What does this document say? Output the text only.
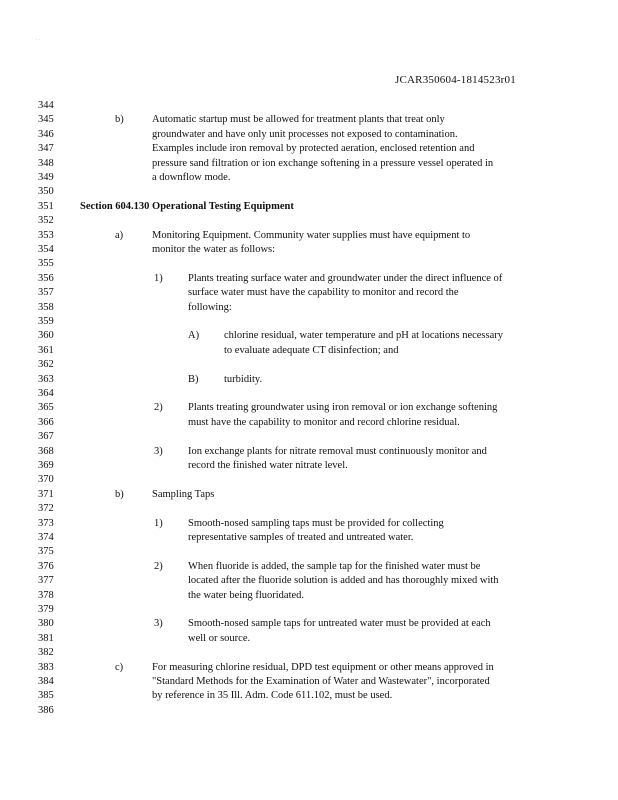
. .
JCAR350604-1814523r01
344
345
346
347
348
349
350
351
352
353
354
355
356
357
358
359
360
361
362
363
364
365
366
367
368
369
370
371
372
373
374
375
376
377
378
379
380
381
382
383
384
385
386
b)	Automatic startup must be allowed for treatment plants that treat only
groundwater and have only unit processes not exposed to contamination.
Examples include iron removal by protected aeration, enclosed retention and
pressure sand filtration or ion exchange softening in a pressure vessel operated in
a downflow mode.
Section 604.130 Operational Testing Equipment
a)	Monitoring Equipment. Community water supplies must have equipment to
monitor the water as follows:
1) Plants treating surface water and groundwater under the direct influence of
surface water must have the capability to monitor and record the
following:
A) chlorine residual, water temperature and pH at locations necessary
to evaluate adequate CT disinfection; and
B) turbidity.
2) Plants treating groundwater using iron removal or ion exchange softening
must have the capability to monitor and record chlorine residual.
3) Ion exchange plants for nitrate removal must continuously monitor and
record the finished water nitrate level.
b)	Sampling Taps
1) Smooth-nosed sampling taps must be provided for collecting
representative samples of treated and untreated water.
2) When fluoride is added, the sample tap for the finished water must be
located after the fluoride solution is added and has thoroughly mixed with
the water being fluoridated.
3) Smooth-nosed sample taps for untreated water must be provided at each
well or source.
c)	For measuring chlorine residual, DPD test equipment or other means approved in
"Standard Methods for the Examination of Water and Wastewater", incorporated
by reference in 35 Ill. Adm. Code 611.102, must be used.
